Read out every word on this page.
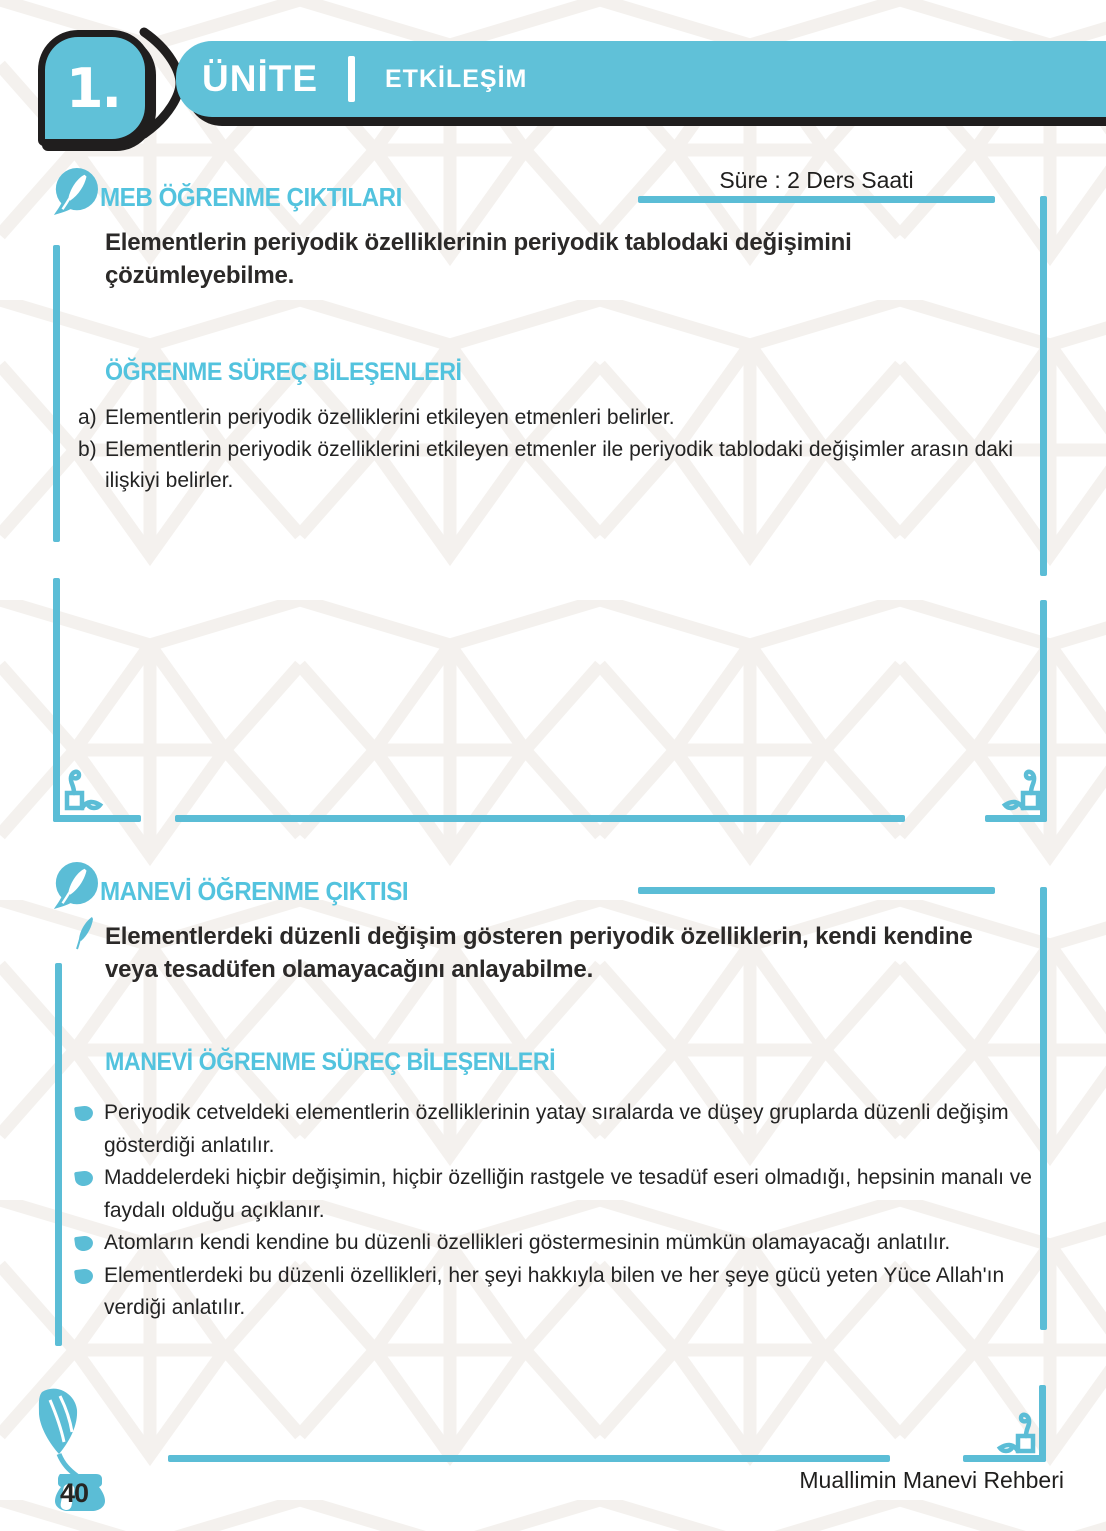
1. ÜNİTE	ETKİLEŞİM
MEB ÖĞRENME ÇIKTILARI
Süre : 2 Ders Saati

Elementlerin periyodik özelliklerinin periyodik tablodaki değişimini çözümleyebilme.

ÖĞRENME SÜREÇ BİLEŞENLERİ
a) Elementlerin periyodik özelliklerini etkileyen etmenleri belirler.
b) Elementlerin periyodik özelliklerini etkileyen etmenler ile periyodik tablodaki değişimler arasın daki ilişkiyi belirler.
MANEVİ ÖĞRENME ÇIKTISI

Elementlerdeki düzenli değişim gösteren periyodik özelliklerin, kendi kendine veya tesadüfen olamayacağını anlayabilme.

MANEVİ ÖĞRENME SÜREÇ BİLEŞENLERİ
Periyodik cetveldeki elementlerin özelliklerinin yatay sıralarda ve düşey gruplarda düzenli değişim gösterdiği anlatılır.
Maddelerdeki hiçbir değişimin, hiçbir özelliğin rastgele ve tesadüf eseri olmadığı, hepsinin manalı ve faydalı olduğu açıklanır.
Atomların kendi kendine bu düzenli özellikleri göstermesinin mümkün olamayacağı anlatılır.
Elementlerdeki bu düzenli özellikleri, her şeyi hakkıyla bilen ve her şeye gücü yeten Yüce Allah'ın verdiği anlatılır.
40	Muallimin Manevi Rehberi
